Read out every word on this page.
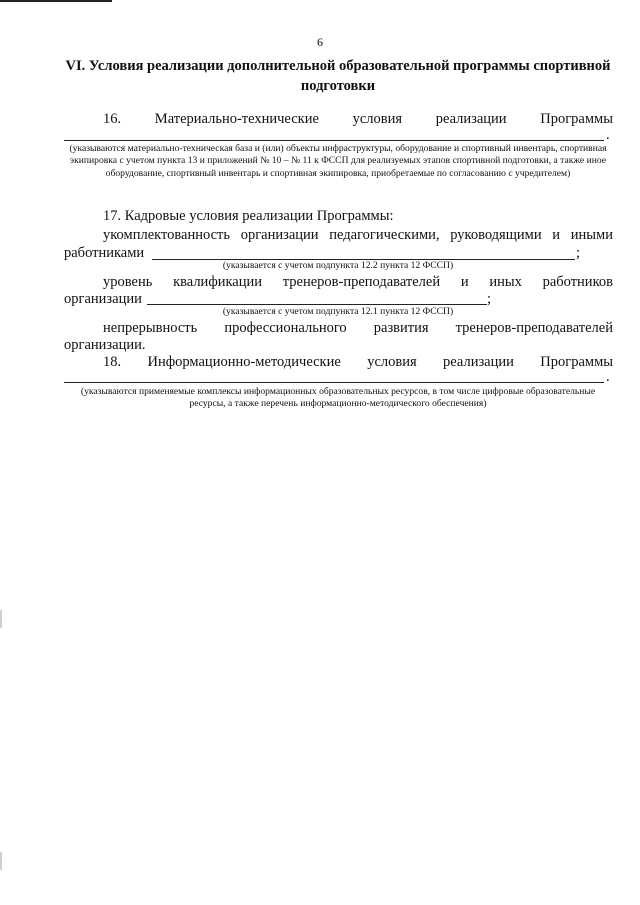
6
VI. Условия реализации дополнительной образовательной программы спортивной подготовки
16. Материально-технические условия реализации Программы
.
(указываются материально-техническая база и (или) объекты инфраструктуры, оборудование и спортивный инвентарь, спортивная экипировка с учетом пункта 13 и приложений № 10 – № 11 к ФССП для реализуемых этапов спортивной подготовки, а также иное оборудование, спортивный инвентарь и спортивная экипировка, приобретаемые по согласованию с учредителем)
17. Кадровые условия реализации Программы:
укомплектованность организации педагогическими, руководящими и иными
работниками	;
(указывается с учетом подпункта 12.2 пункта 12 ФССП)
уровень квалификации тренеров-преподавателей и иных работников
организации	;
(указывается с учетом подпункта 12.1 пункта 12 ФССП)
непрерывность профессионального развития тренеров-преподавателей
организации.
18. Информационно-методические условия реализации Программы
.
(указываются применяемые комплексы информационных образовательных ресурсов, в том числе цифровые образовательные ресурсы, а также перечень информационно-методического обеспечения)
